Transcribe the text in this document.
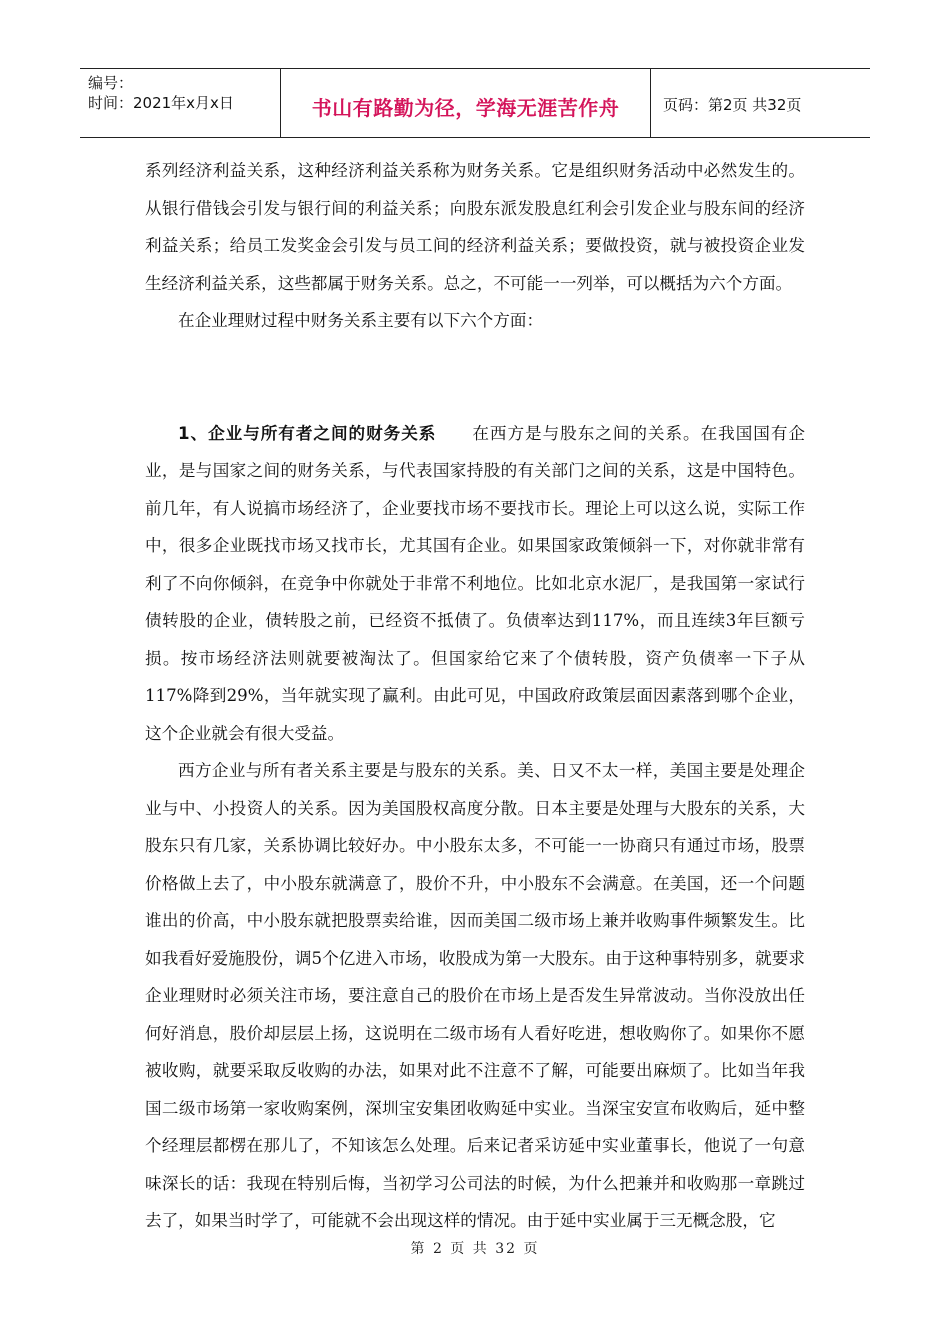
编号：
时间：2021年x月x日	书山有路勤为径，学海无涯苦作舟	页码：第2页 共32页

系列经济利益关系，这种经济利益关系称为财务关系。它是组织财务活动中必然发生的。从银行借钱会引发与银行间的利益关系；向股东派发股息红利会引发企业与股东间的经济利益关系；给员工发奖金会引发与员工间的经济利益关系；要做投资，就与被投资企业发生经济利益关系，这些都属于财务关系。总之，不可能一一列举，可以概括为六个方面。

在企业理财过程中财务关系主要有以下六个方面：

1、企业与所有者之间的财务关系 在西方是与股东之间的关系。在我国国有企业，是与国家之间的财务关系，与代表国家持股的有关部门之间的关系，这是中国特色。前几年，有人说搞市场经济了，企业要找市场不要找市长。理论上可以这么说，实际工作中，很多企业既找市场又找市长，尤其国有企业。如果国家政策倾斜一下，对你就非常有利了不向你倾斜，在竞争中你就处于非常不利地位。比如北京水泥厂，是我国第一家试行债转股的企业，债转股之前，已经资不抵债了。负债率达到117%，而且连续3年巨额亏损。按市场经济法则就要被淘汰了。但国家给它来了个债转股，资产负债率一下子从117%降到29%，当年就实现了赢利。由此可见，中国政府政策层面因素落到哪个企业，这个企业就会有很大受益。

西方企业与所有者关系主要是与股东的关系。美、日又不太一样，美国主要是处理企业与中、小投资人的关系。因为美国股权高度分散。日本主要是处理与大股东的关系，大股东只有几家，关系协调比较好办。中小股东太多，不可能一一协商只有通过市场，股票价格做上去了，中小股东就满意了，股价不升，中小股东不会满意。在美国，还一个问题谁出的价高，中小股东就把股票卖给谁，因而美国二级市场上兼并收购事件频繁发生。比如我看好爱施股份，调5个亿进入市场，收股成为第一大股东。由于这种事特别多，就要求企业理财时必须关注市场，要注意自己的股价在市场上是否发生异常波动。当你没放出任何好消息，股价却层层上扬，这说明在二级市场有人看好吃进，想收购你了。如果你不愿被收购，就要采取反收购的办法，如果对此不注意不了解，可能要出麻烦了。比如当年我国二级市场第一家收购案例，深圳宝安集团收购延中实业。当深宝安宣布收购后，延中整个经理层都楞在那儿了，不知该怎么处理。后来记者采访延中实业董事长，他说了一句意味深长的话：我现在特别后悔，当初学习公司法的时候，为什么把兼并和收购那一章跳过去了，如果当时学了，可能就不会出现这样的情况。由于延中实业属于三无概念股，它

第 2 页 共 32 页
